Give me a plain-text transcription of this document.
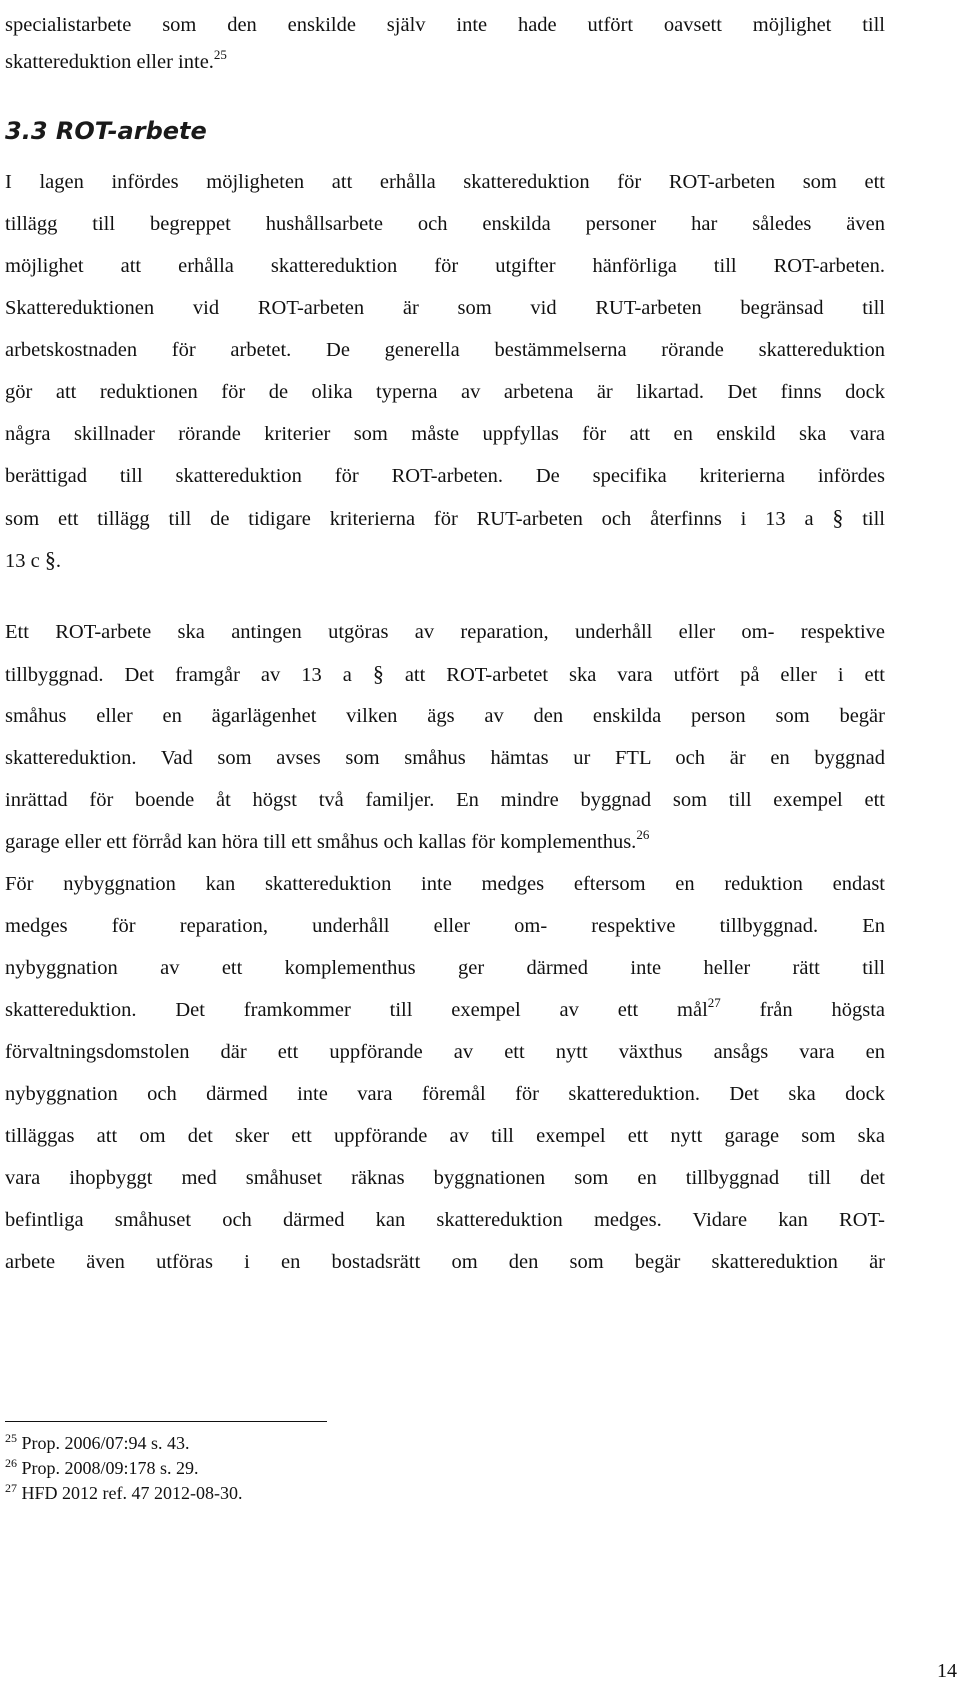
specialistarbete som den enskilde själv inte hade utfört oavsett möjlighet till
skattereduktion eller inte.$^{25}$
3.3 ROT-arbete
I lagen infördes möjligheten att erhålla skattereduktion för ROT-arbeten som ett
tillägg till begreppet hushållsarbete och enskilda personer har således även
möjlighet att erhålla skattereduktion för utgifter hänförliga till ROT-arbeten.
Skattereduktionen vid ROT-arbeten är som vid RUT-arbeten begränsad till
arbetskostnaden för arbetet. De generella bestämmelserna rörande skattereduktion
gör att reduktionen för de olika typerna av arbetena är likartad. Det finns dock
några skillnader rörande kriterier som måste uppfyllas för att en enskild ska vara
berättigad till skattereduktion för ROT-arbeten. De specifika kriterierna infördes
som ett tillägg till de tidigare kriterierna för RUT-arbeten och återfinns i 13 a § till
13 c §.
Ett ROT-arbete ska antingen utgöras av reparation, underhåll eller om- respektive
tillbyggnad. Det framgår av 13 a § att ROT-arbetet ska vara utfört på eller i ett
småhus eller en ägarlägenhet vilken ägs av den enskilda person som begär
skattereduktion. Vad som avses som småhus hämtas ur FTL och är en byggnad
inrättad för boende åt högst två familjer. En mindre byggnad som till exempel ett
garage eller ett förråd kan höra till ett småhus och kallas för komplementhus.$^{26}$
För nybyggnation kan skattereduktion inte medges eftersom en reduktion endast
medges för reparation, underhåll eller om- respektive tillbyggnad. En
nybyggnation av ett komplementhus ger därmed inte heller rätt till
skattereduktion. Det framkommer till exempel av ett mål$^{27}$ från högsta
förvaltningsdomstolen där ett uppförande av ett nytt växthus ansågs vara en
nybyggnation och därmed inte vara föremål för skattereduktion. Det ska dock
tilläggas att om det sker ett uppförande av till exempel ett nytt garage som ska
vara ihopbyggt med småhuset räknas byggnationen som en tillbyggnad till det
befintliga småhuset och därmed kan skattereduktion medges. Vidare kan ROT-
arbete även utföras i en bostadsrätt om den som begär skattereduktion är
$^{25}$ Prop. 2006/07:94 s. 43.
$^{26}$ Prop. 2008/09:178 s. 29.
$^{27}$ HFD 2012 ref. 47 2012-08-30.
14
